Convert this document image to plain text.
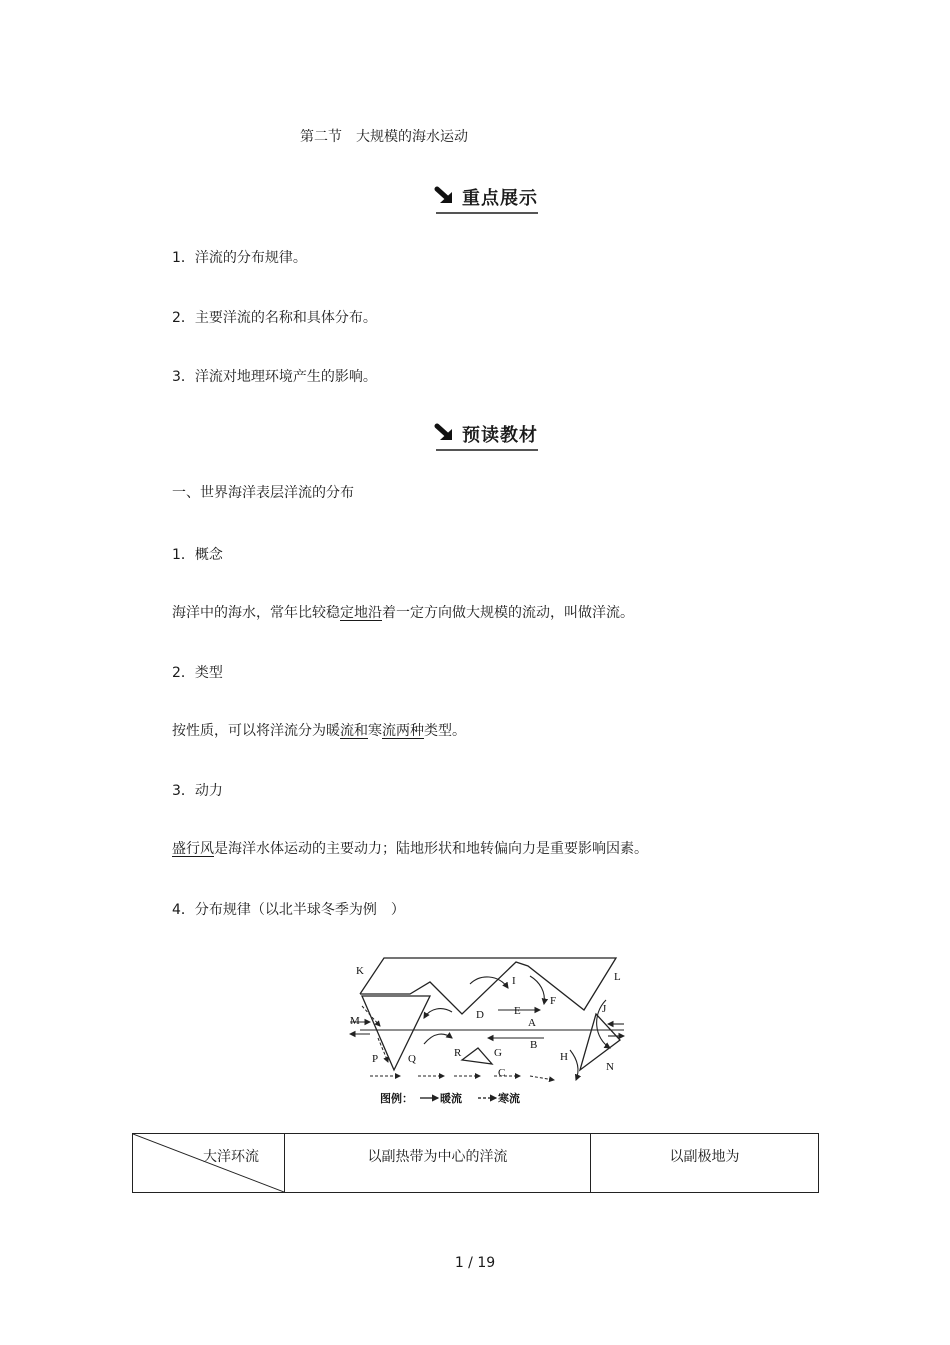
第二节　大规模的海水运动
重点展示
1．洋流的分布规律。
2．主要洋流的名称和具体分布。
3．洋流对地理环境产生的影响。
预读教材
一、世界海洋表层洋流的分布
1．概念
海洋中的海水，常年比较稳定地沿着一定方向做大规模的流动，叫做洋流。
2．类型
按性质，可以将洋流分为暖流和寒流两种类型。
3．动力
盛行风是海洋水体运动的主要动力；陆地形状和地转偏向力是重要影响因素。
4．分布规律（以北半球冬季为例　）
K	L
I
J
D	E
F
A
M
B
R	G
P	Q	H
N
C
图例： 暖流	寒流
大洋环流	以副热带为中心的洋流	以副极地为
1 / 19
